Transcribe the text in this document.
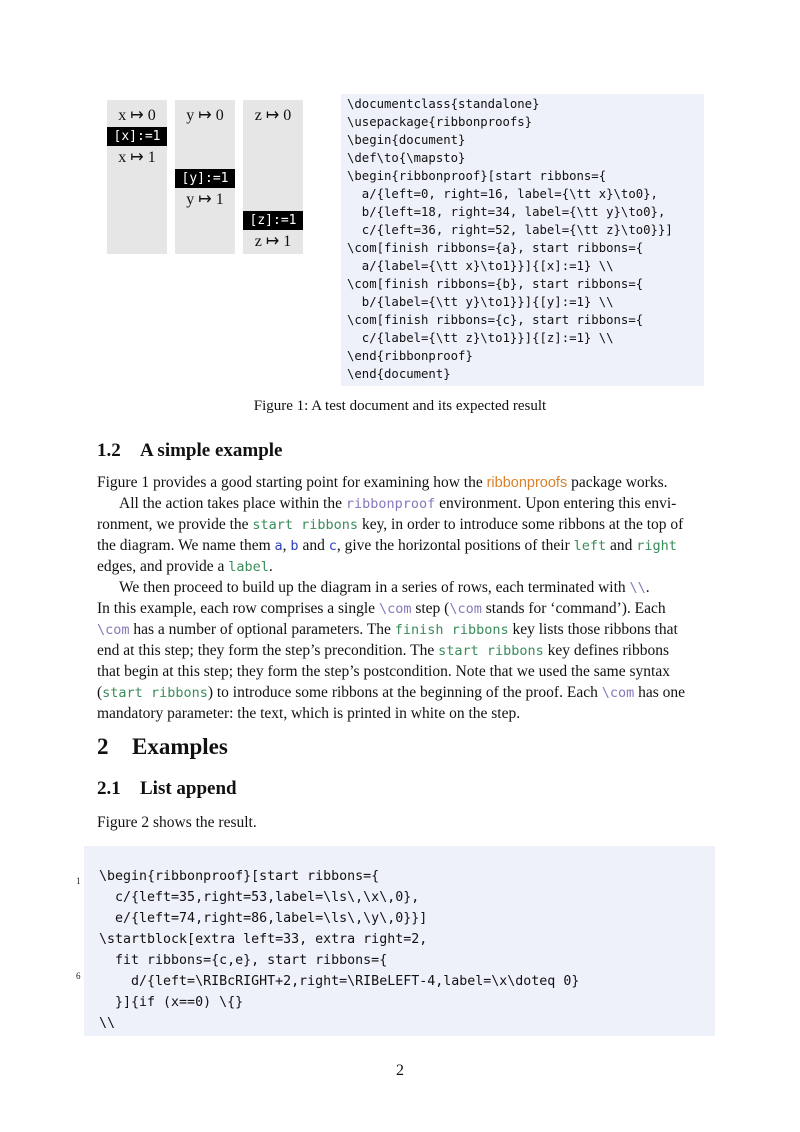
x ↦ 0
x ↦ 1
[x]:=1
y ↦ 0
y ↦ 1
[y]:=1
z ↦ 0
z ↦ 1
[z]:=1
\documentclass{standalone}
\usepackage{ribbonproofs}
\begin{document}
\def\to{\mapsto}
\begin{ribbonproof}[start ribbons={
a/{left=0, right=16, label={\tt x}\to0},
b/{left=18, right=34, label={\tt y}\to0},
c/{left=36, right=52, label={\tt z}\to0}}]
\com[finish ribbons={a}, start ribbons={
a/{label={\tt x}\to1}}]{[x]:=1} \\
\com[finish ribbons={b}, start ribbons={
b/{label={\tt y}\to1}}]{[y]:=1} \\
\com[finish ribbons={c}, start ribbons={
c/{label={\tt z}\to1}}]{[z]:=1} \\
\end{ribbonproof}
\end{document}
Figure 1: A test document and its expected result
1.2 A simple example
Figure 1 provides a good starting point for examining how the ribbonproofs package works.
All the action takes place within the ribbonproof environment. Upon entering this envi-
ronment, we provide the start ribbons key, in order to introduce some ribbons at the top of
the diagram. We name them a, b and c, give the horizontal positions of their left and right
edges, and provide a label.
We then proceed to build up the diagram in a series of rows, each terminated with \\.
In this example, each row comprises a single \com step (\com stands for ‘command’). Each
\com has a number of optional parameters. The finish ribbons key lists those ribbons that
end at this step; they form the step’s precondition. The start ribbons key defines ribbons
that begin at this step; they form the step’s postcondition. Note that we used the same syntax
(start ribbons) to introduce some ribbons at the beginning of the proof. Each \com has one
mandatory parameter: the text, which is printed in white on the step.
2 Examples
2.1 List append
Figure 2 shows the result.
1
6
\begin{ribbonproof}[start ribbons={
c/{left=35,right=53,label=\ls\,\x\,0},
e/{left=74,right=86,label=\ls\,\y\,0}}]
\startblock[extra left=33, extra right=2,
fit ribbons={c,e}, start ribbons={
d/{left=\RIBcRIGHT+2,right=\RIBeLEFT-4,label=\x\doteq 0}
}]{if (x==0) \{}
\\
2
